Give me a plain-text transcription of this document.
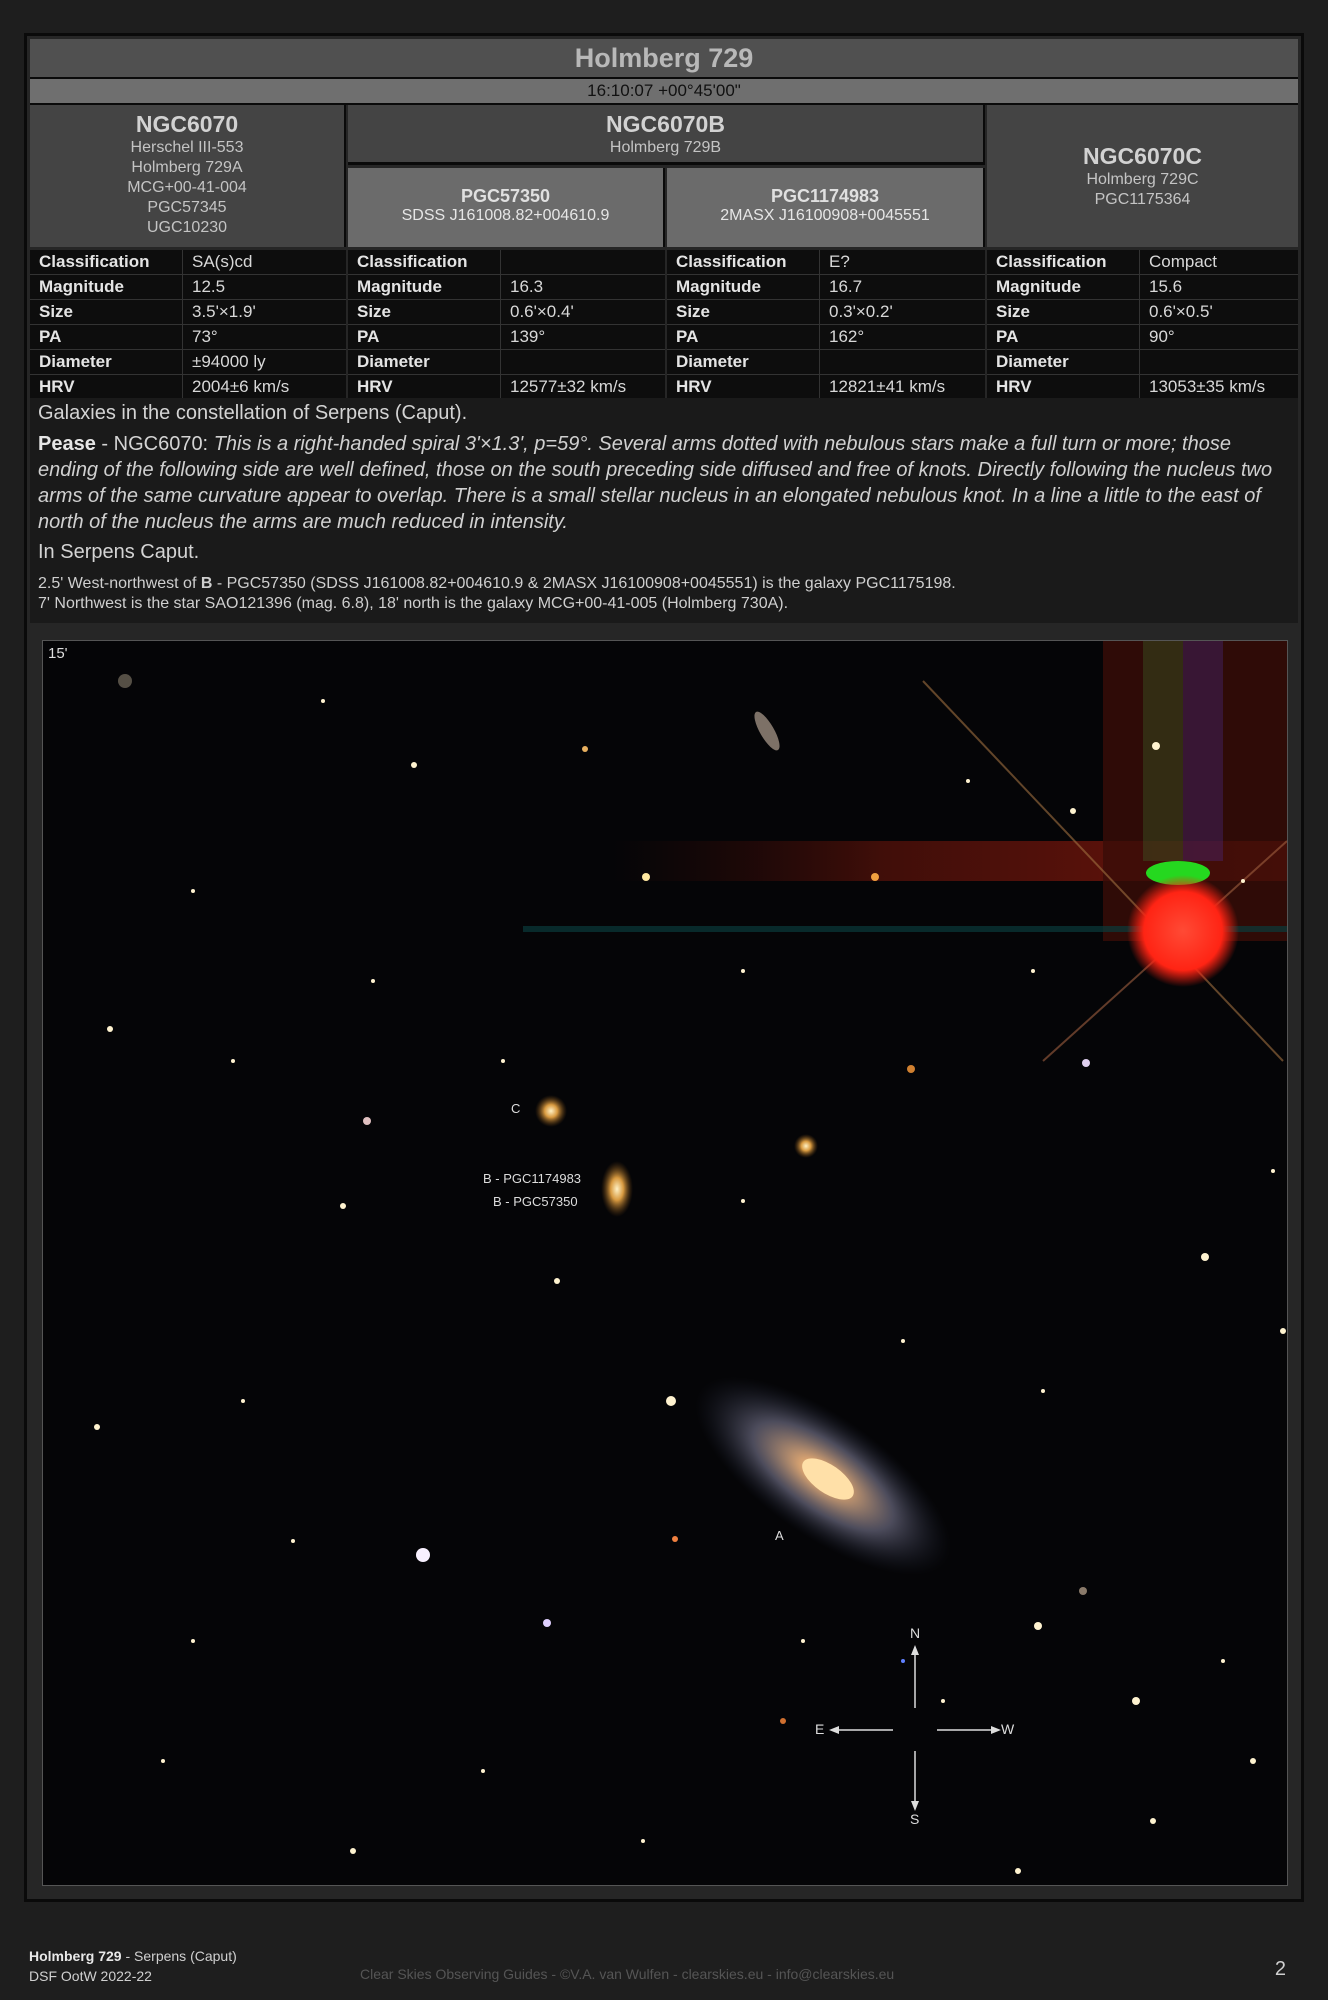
Holmberg 729
16:10:07 +00°45'00"
NGC6070
Herschel III-553
Holmberg 729A
MCG+00-41-004
PGC57345
UGC10230
NGC6070B
Holmberg 729B
PGC57350
SDSS J161008.82+004610.9
PGC1174983
2MASX J16100908+0045551
NGC6070C
Holmberg 729C
PGC1175364
Classification	SA(s)cd
Magnitude	12.5
Size	3.5'×1.9'
PA	73°
Diameter	±94000 ly
HRV	2004±6 km/s
Classification	
Magnitude	16.3
Size	0.6'×0.4'
PA	139°
Diameter	
HRV	12577±32 km/s
Classification	E?
Magnitude	16.7
Size	0.3'×0.2'
PA	162°
Diameter	
HRV	12821±41 km/s
Classification	Compact
Magnitude	15.6
Size	0.6'×0.5'
PA	90°
Diameter	
HRV	13053±35 km/s

Galaxies in the constellation of Serpens (Caput).

Pease - NGC6070: This is a right-handed spiral 3'×1.3', p=59°. Several arms dotted with nebulous stars make a full turn or more; those ending of the following side are well defined, those on the south preceding side diffused and free of knots. Directly following the nucleus two arms of the same curvature appear to overlap. There is a small stellar nucleus in an elongated nebulous knot. In a line a little to the east of north of the nucleus the arms are much reduced in intensity.

In Serpens Caput.

2.5' West-northwest of B - PGC57350 (SDSS J161008.82+004610.9 & 2MASX J16100908+0045551) is the galaxy PGC1175198.

7' Northwest is the star SAO121396 (mag. 6.8), 18' north is the galaxy MCG+00-41-005 (Holmberg 730A).

15'
C
B - PGC1174983
B - PGC57350
A
N
S
E	W
Holmberg 729 - Serpens (Caput)
DSF OotW 2022-22	Clear Skies Observing Guides - ©V.A. van Wulfen - clearskies.eu - info@clearskies.eu	2
